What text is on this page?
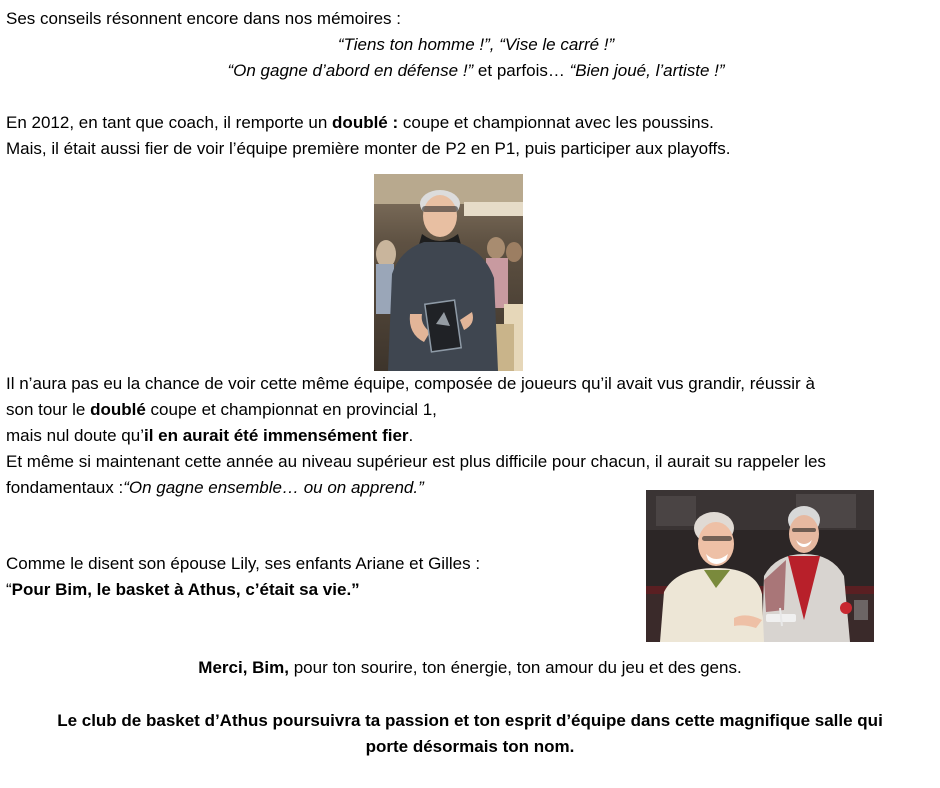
Ses conseils résonnent encore dans nos mémoires :

“Tiens ton homme !”, “Vise le carré !”

“On gagne d’abord en défense !” et parfois… “Bien joué, l’artiste !”

En 2012, en tant que coach, il remporte un doublé : coupe et championnat avec les poussins.

Mais, il était aussi fier de voir l’équipe première monter de P2 en P1, puis participer aux playoffs.

Il n’aura pas eu la chance de voir cette même équipe, composée de joueurs qu’il avait vus grandir, réussir à

son tour le doublé coupe et championnat en provincial 1,

mais nul doute qu’il en aurait été immensément fier.

Et même si maintenant cette année au niveau supérieur est plus difficile pour chacun, il aurait su rappeler les

fondamentaux :“On gagne ensemble… ou on apprend.”

Comme le disent son épouse Lily, ses enfants Ariane et Gilles :

“Pour Bim, le basket à Athus, c’était sa vie.”

Merci, Bim, pour ton sourire, ton énergie, ton amour du jeu et des gens.

Le club de basket d’Athus poursuivra ta passion et ton esprit d’équipe dans cette magnifique salle qui

porte désormais ton nom.
